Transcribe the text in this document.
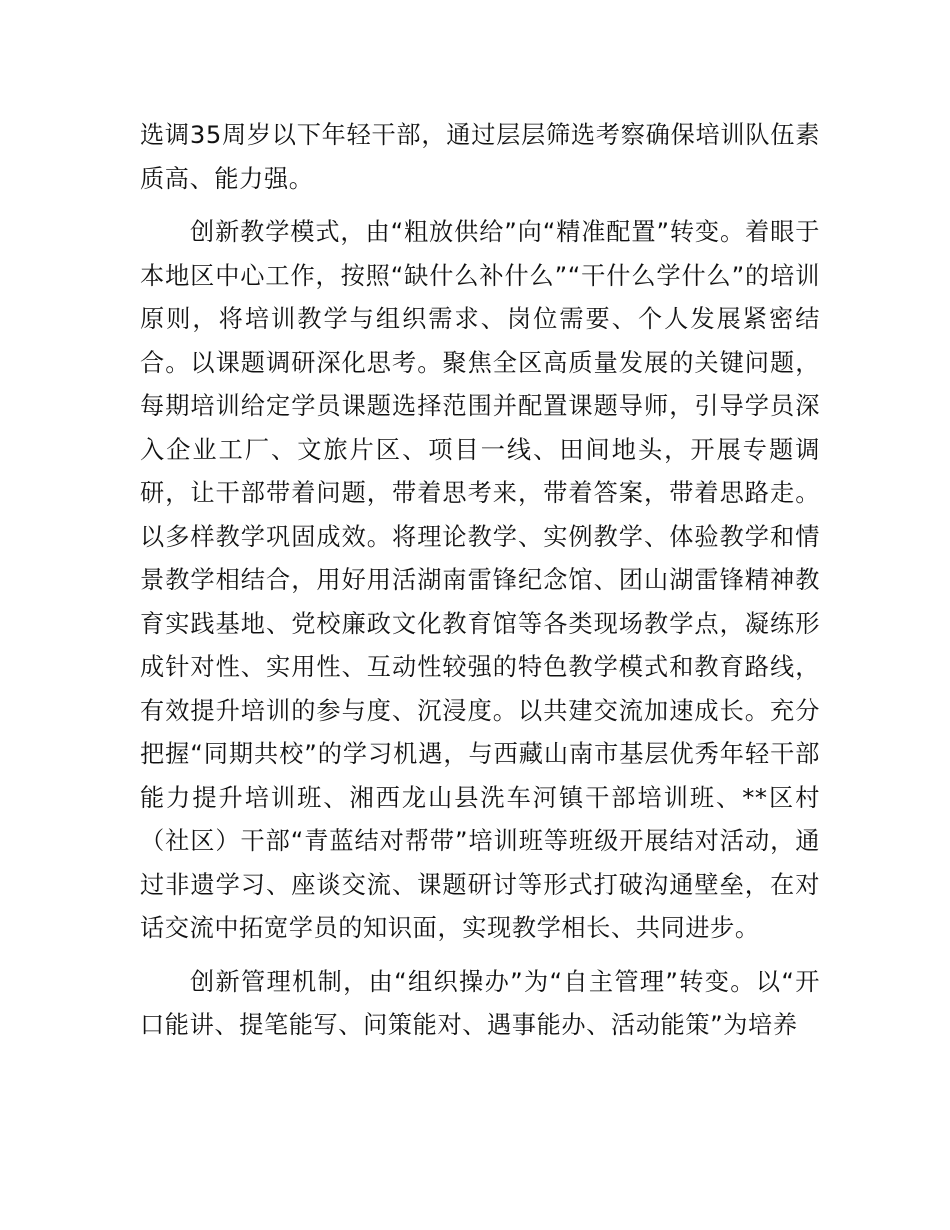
选调35周岁以下年轻干部，通过层层筛选考察确保培训队伍素质高、能力强。

创新教学模式，由“粗放供给”向“精准配置”转变。着眼于本地区中心工作，按照“缺什么补什么”“干什么学什么”的培训原则，将培训教学与组织需求、岗位需要、个人发展紧密结合。以课题调研深化思考。聚焦全区高质量发展的关键问题，每期培训给定学员课题选择范围并配置课题导师，引导学员深入企业工厂、文旅片区、项目一线、田间地头，开展专题调研，让干部带着问题，带着思考来，带着答案，带着思路走。以多样教学巩固成效。将理论教学、实例教学、体验教学和情景教学相结合，用好用活湖南雷锋纪念馆、团山湖雷锋精神教育实践基地、党校廉政文化教育馆等各类现场教学点，凝练形成针对性、实用性、互动性较强的特色教学模式和教育路线，有效提升培训的参与度、沉浸度。以共建交流加速成长。充分把握“同期共校”的学习机遇，与西藏山南市基层优秀年轻干部能力提升培训班、湘西龙山县洗车河镇干部培训班、**区村（社区）干部“青蓝结对帮带”培训班等班级开展结对活动，通过非遗学习、座谈交流、课题研讨等形式打破沟通壁垒，在对话交流中拓宽学员的知识面，实现教学相长、共同进步。

创新管理机制，由“组织操办”为“自主管理”转变。以“开口能讲、提笔能写、问策能对、遇事能办、活动能策”为培养
